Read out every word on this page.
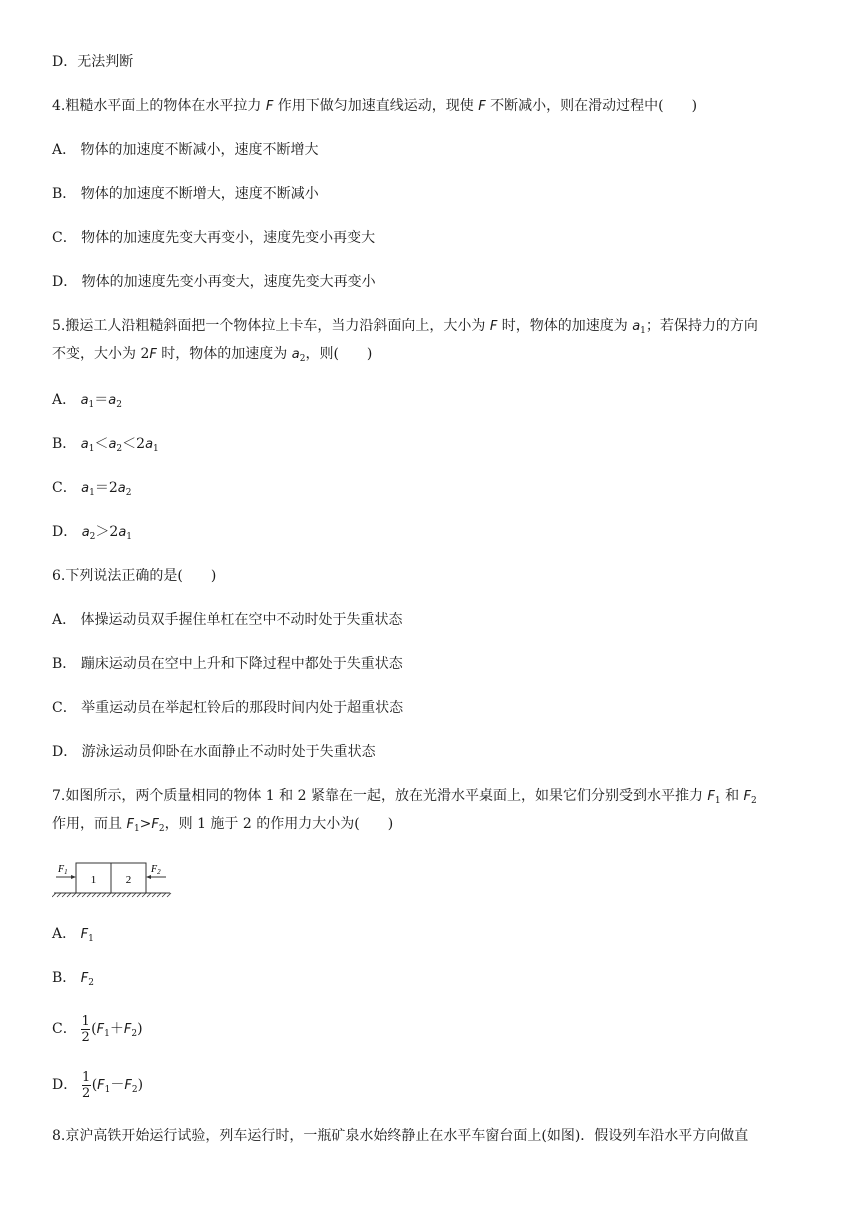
D．无法判断
4.粗糙水平面上的物体在水平拉力 F 作用下做匀加速直线运动，现使 F 不断减小，则在滑动过程中(　　)
A． 物体的加速度不断减小，速度不断增大
B． 物体的加速度不断增大，速度不断减小
C． 物体的加速度先变大再变小，速度先变小再变大
D． 物体的加速度先变小再变大，速度先变大再变小
5.搬运工人沿粗糙斜面把一个物体拉上卡车，当力沿斜面向上，大小为 F 时，物体的加速度为 $a_1$；若保持力的方向
不变，大小为 2F 时，物体的加速度为 $a_2$，则(　　)
A． $a_1=a_2$
B． $a_1<a_2<2a_1$
C． $a_1=2a_2$
D． $a_2>2a_1$
6.下列说法正确的是(　　)
A． 体操运动员双手握住单杠在空中不动时处于失重状态
B． 蹦床运动员在空中上升和下降过程中都处于失重状态
C． 举重运动员在举起杠铃后的那段时间内处于超重状态
D． 游泳运动员仰卧在水面静止不动时处于失重状态
7.如图所示，两个质量相同的物体 1 和 2 紧靠在一起，放在光滑水平桌面上，如果它们分别受到水平推力 $F_1$ 和 $F_2$
作用，而且 $F_1>F_2$，则 1 施于 2 的作用力大小为(　　)
1	2
$F_1$	$F_2$
A． $F_1$
B． $F_2$
C． $\frac{1}{2} (F_1+F_2)$
D． $\frac{1}{2} (F_1-F_2)$
8.京沪高铁开始运行试验，列车运行时，一瓶矿泉水始终静止在水平车窗台面上(如图)．假设列车沿水平方向做直
